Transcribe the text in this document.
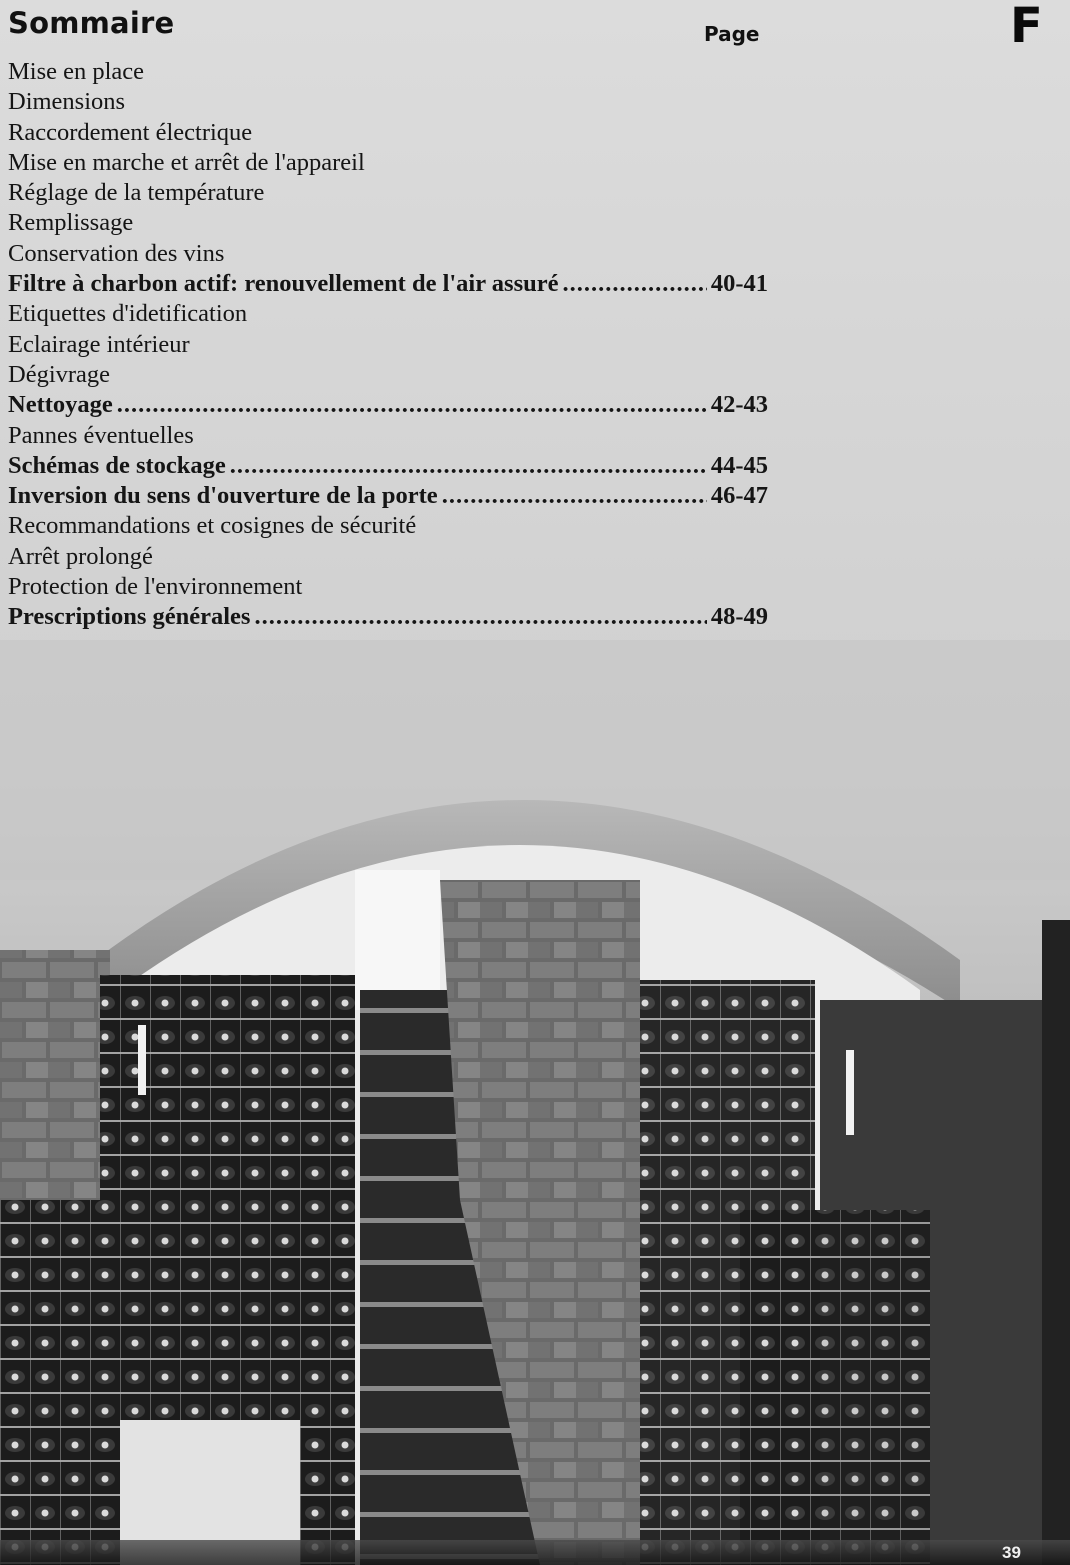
Sommaire	Page	F
Mise en place
Dimensions
Raccordement électrique
Mise en marche et arrêt de l'appareil
Réglage de la température
Remplissage
Conservation des vins
Filtre à charbon actif: renouvellement de l'air assuré .....	40-41
Etiquettes d'idetification
Eclairage intérieur
Dégivrage
Nettoyage .....	42-43
Pannes éventuelles
Schémas de stockage .....	44-45
Inversion du sens d'ouverture de la porte .....	46-47
Recommandations et cosignes de sécurité
Arrêt prolongé
Protection de l'environnement
Prescriptions générales .....	48-49
39
